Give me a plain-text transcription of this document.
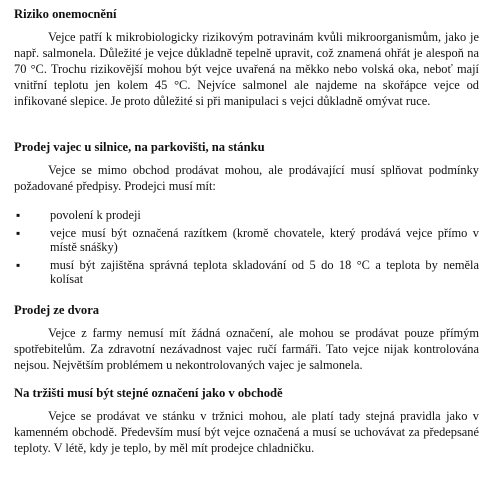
Riziko onemocnění

Vejce patří k mikrobiologicky rizikovým potravinám kvůli mikroorganismům, jako je např. salmonela. Důležité je vejce důkladně tepelně upravit, což znamená ohřát je alespoň na 70 °C. Trochu rizikovější mohou být vejce uvařená na měkko nebo volská oka, neboť mají vnitřní teplotu jen kolem 45 °C. Nejvíce salmonel ale najdeme na skořápce vejce od infikované slepice. Je proto důležité si při manipulaci s vejci důkladně omývat ruce.

Prodej vajec u silnice, na parkovišti, na stánku

Vejce se mimo obchod prodávat mohou, ale prodávající musí splňovat podmínky požadované předpisy. Prodejci musí mít:

▪ povolení k prodeji
▪ vejce musí být označená razítkem (kromě chovatele, který prodává vejce přímo v místě snášky)
▪ musí být zajištěna správná teplota skladování od 5 do 18 °C a teplota by neměla kolísat
Prodej ze dvora

Vejce z farmy nemusí mít žádná označení, ale mohou se prodávat pouze přímým spotřebitelům. Za zdravotní nezávadnost vajec ručí farmáři. Tato vejce nijak kontrolována nejsou. Největším problémem u nekontrolovaných vajec je salmonela.

Na tržišti musí být stejné označení jako v obchodě

Vejce se prodávat ve stánku v tržnici mohou, ale platí tady stejná pravidla jako v kamenném obchodě. Především musí být vejce označená a musí se uchovávat za předepsané teploty. V létě, kdy je teplo, by měl mít prodejce chladničku.
